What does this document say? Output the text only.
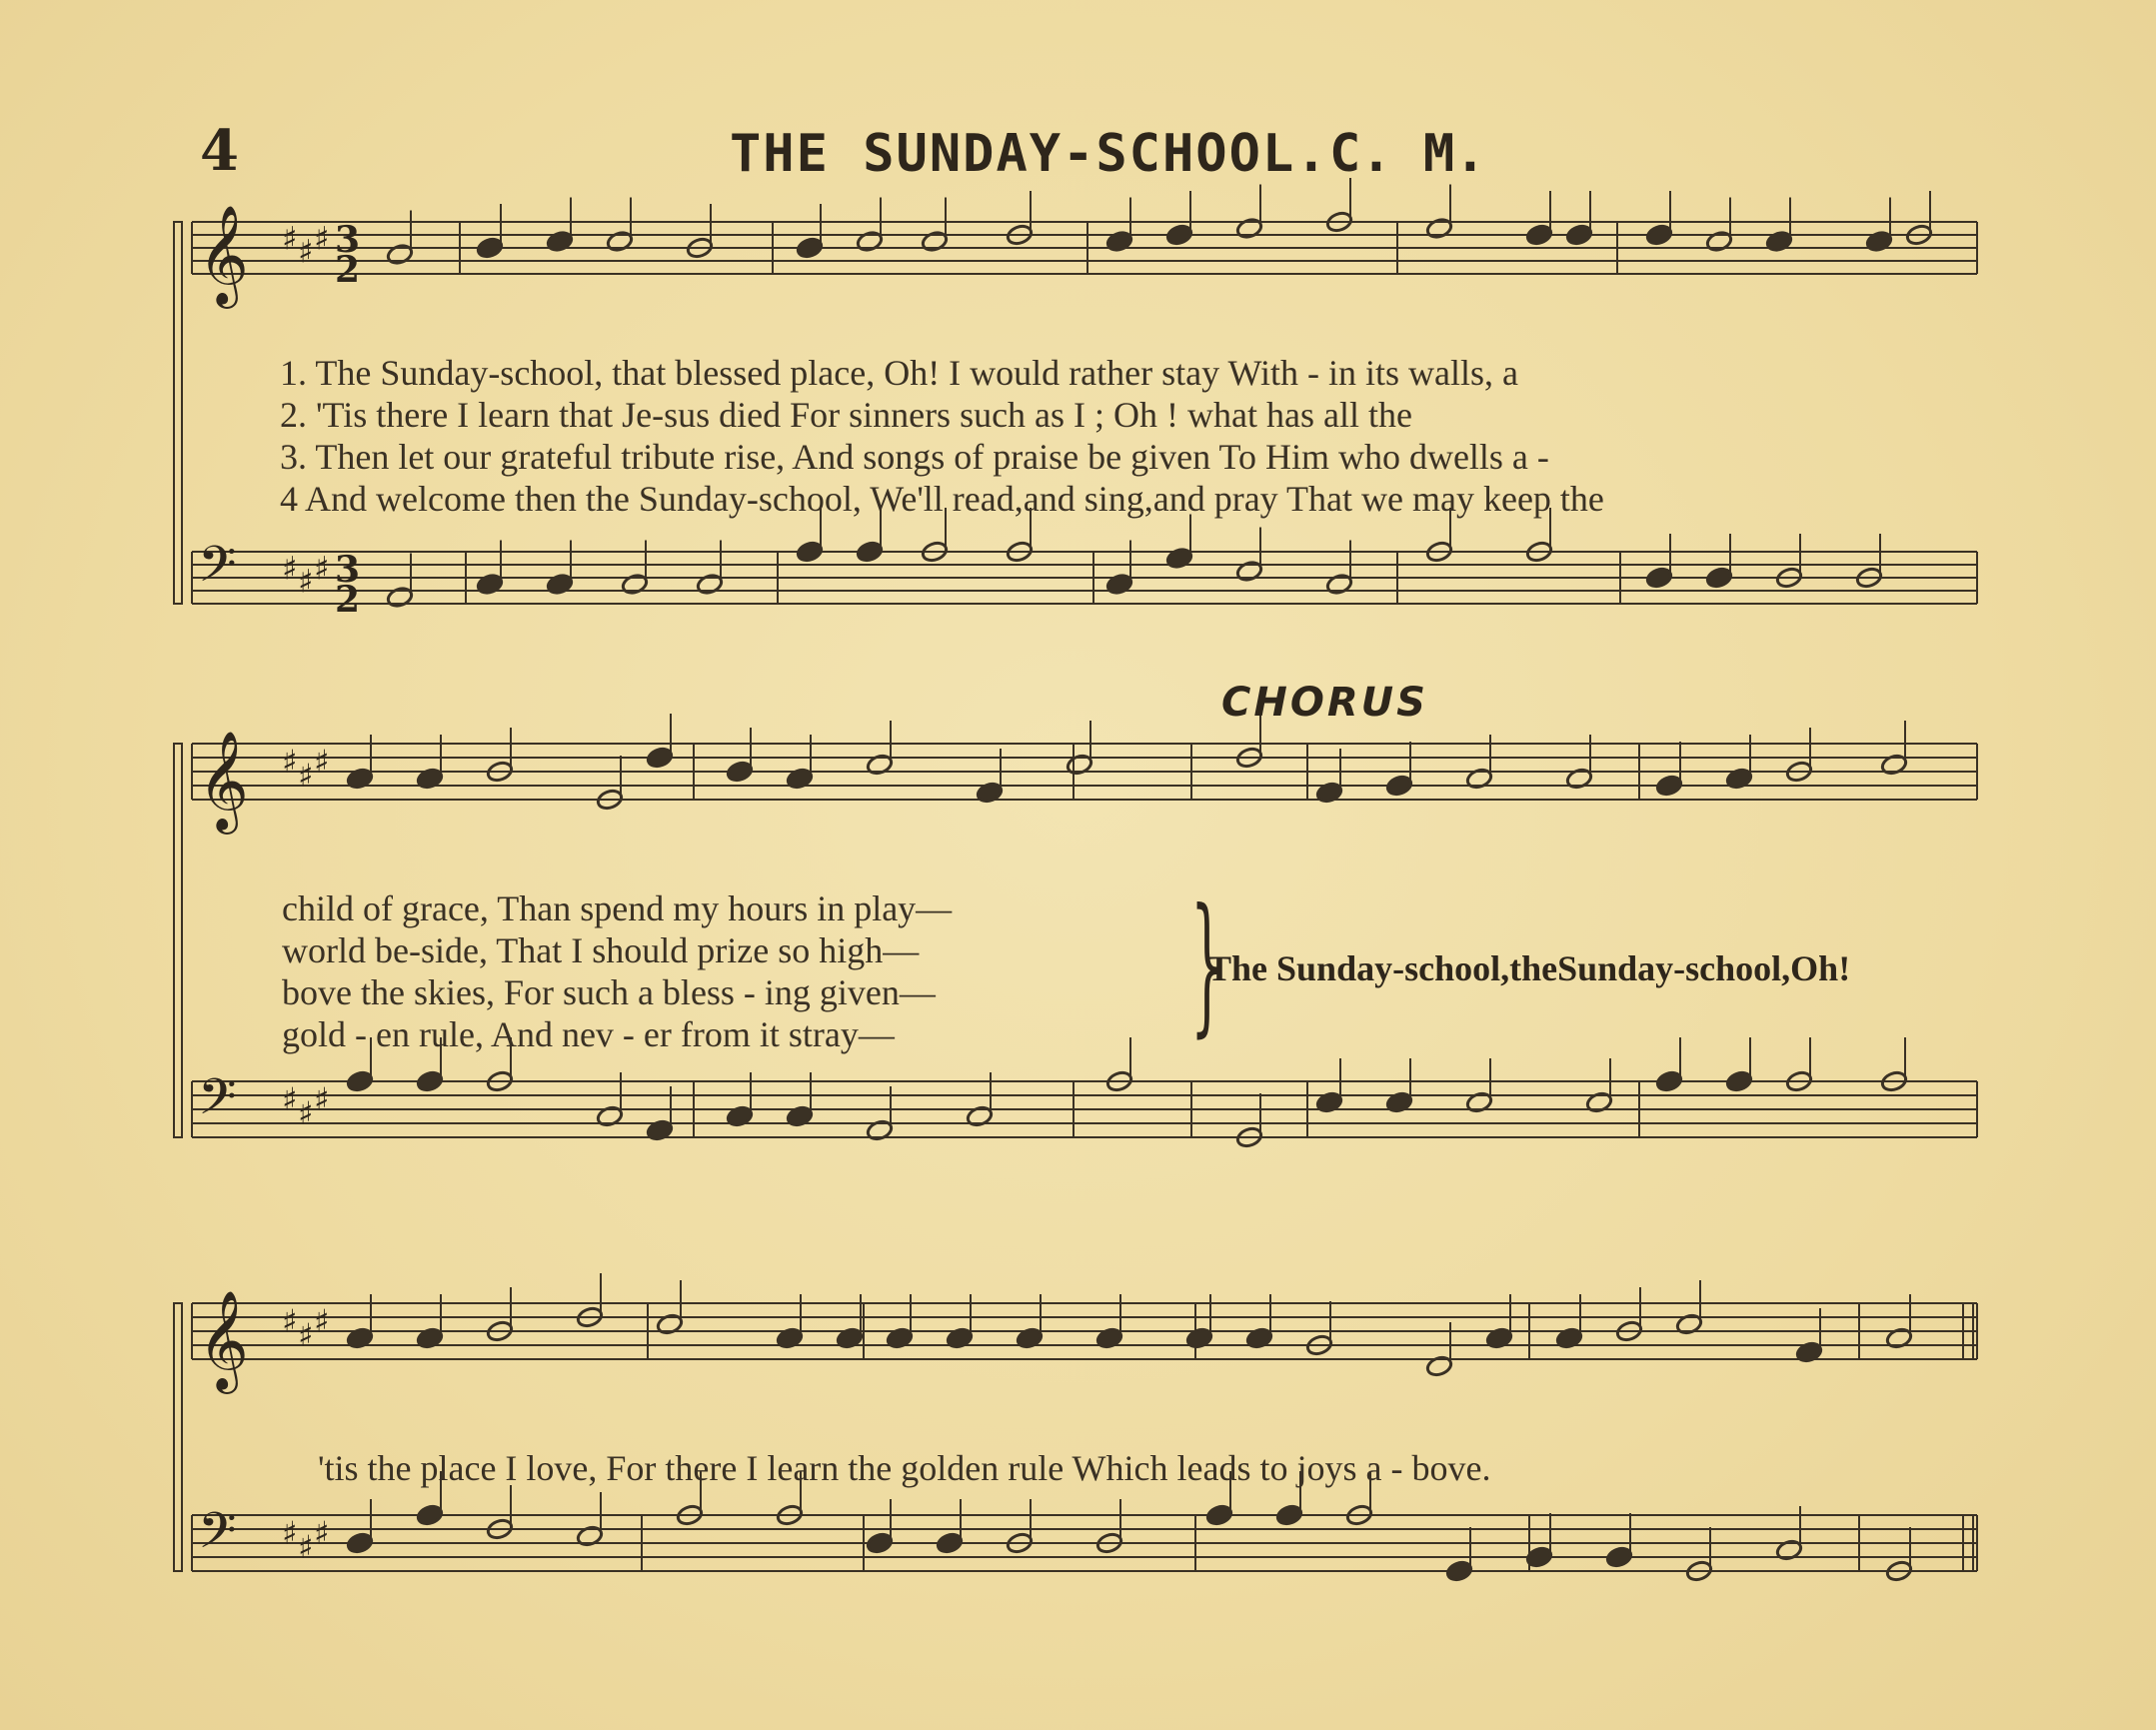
4	THE SUNDAY-SCHOOL. C. M.
𝄞 ♯ ♯ ♯
𝄢 ♯ ♯ ♯
𝄞 ♯ ♯ ♯
𝄢 ♯ ♯ ♯
𝄞 ♯ ♯ ♯
𝄢 ♯ ♯ ♯
3
2
3
2
1. The Sunday-school, that blessed place, Oh! I would rather stay With - in its walls, a
2. 'Tis there I learn that Je-sus died For sinners such as I ; Oh ! what has all the
3. Then let our grateful tribute rise, And songs of praise be given To Him who dwells a -
4 And welcome then the Sunday-school, We'll read,and sing,and pray That we may keep the
CHORUS
child of grace, Than spend my hours in play—
world be-side, That I should prize so high—
bove the skies, For such a bless - ing given—
gold - en rule, And nev - er from it stray— }
The Sunday-school,theSunday-school,Oh!
'tis the place I love, For there I learn the golden rule Which leads to joys a - bove.
